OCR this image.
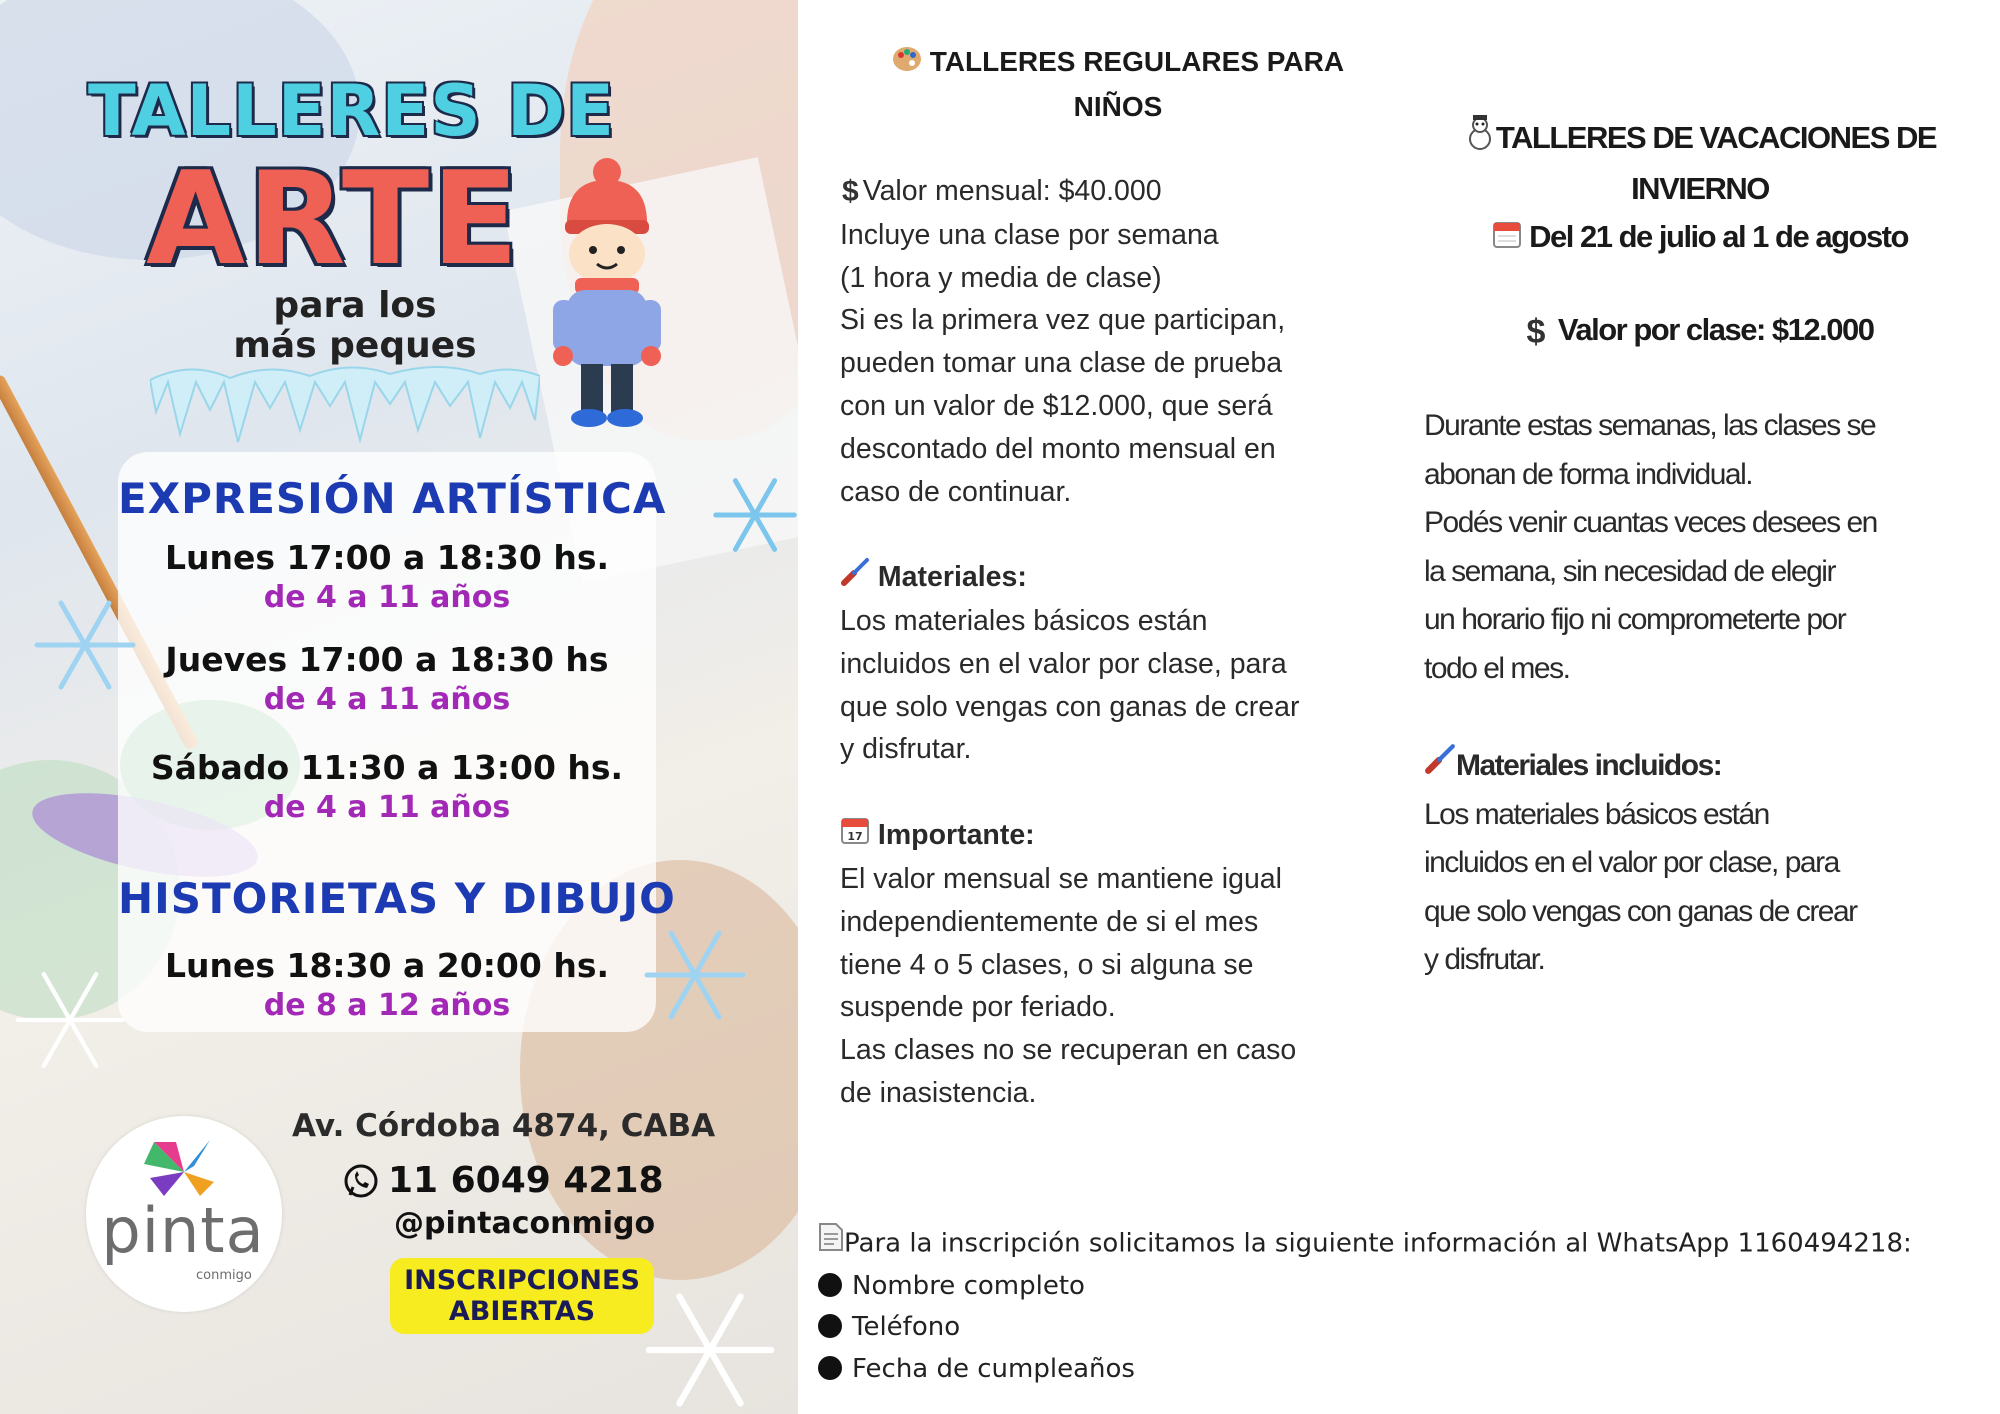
TALLERES DE
ARTE
para los
más peques
EXPRESIÓN ARTÍSTICA
Lunes 17:00 a 18:30 hs.
de 4 a 11 años
Jueves 17:00 a 18:30 hs
de 4 a 11 años
Sábado 11:30 a 13:00 hs.
de 4 a 11 años
HISTORIETAS Y DIBUJO
Lunes 18:30 a 20:00 hs.
de 8 a 12 años
Av. Córdoba 4874, CABA
11 6049 4218
@pintaconmigo
INSCRIPCIONES
ABIERTAS
pinta
conmigo
TALLERES REGULARES PARA
NIÑOS
$ Valor mensual: $40.000
Incluye una clase por semana
(1 hora y media de clase)
Si es la primera vez que participan,
pueden tomar una clase de prueba
con un valor de $12.000, que será
descontado del monto mensual en
caso de continuar.
Materiales:
Los materiales básicos están
incluidos en el valor por clase, para
que solo vengas con ganas de crear
y disfrutar.
17 Importante:
El valor mensual se mantiene igual
independientemente de si el mes
tiene 4 o 5 clases, o si alguna se
suspende por feriado.
Las clases no se recuperan en caso
de inasistencia.
TALLERES DE VACACIONES DE
INVIERNO
Del 21 de julio al 1 de agosto
$ Valor por clase: $12.000
Durante estas semanas, las clases se
abonan de forma individual.
Podés venir cuantas veces desees en
la semana, sin necesidad de elegir
un horario fijo ni comprometerte por
todo el mes.
Materiales incluidos:
Los materiales básicos están
incluidos en el valor por clase, para
que solo vengas con ganas de crear
y disfrutar.
Para la inscripción solicitamos la siguiente información al WhatsApp 1160494218:
Nombre completo
Teléfono
Fecha de cumpleaños
